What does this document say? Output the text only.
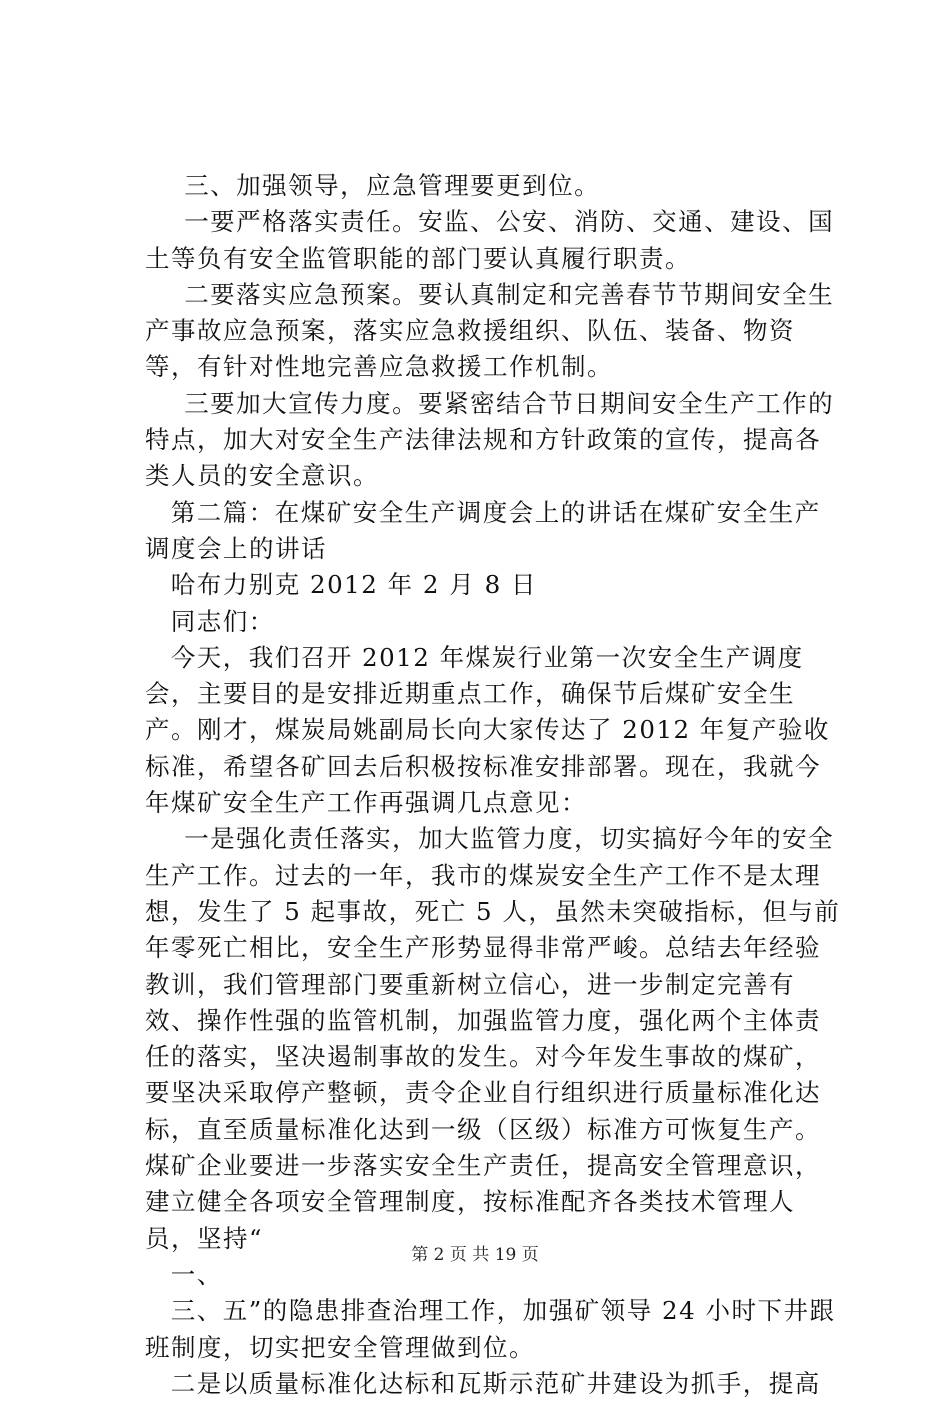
三、加强领导，应急管理要更到位。

一要严格落实责任。安监、公安、消防、交通、建设、国土等负有安全监管职能的部门要认真履行职责。

二要落实应急预案。要认真制定和完善春节节期间安全生产事故应急预案，落实应急救援组织、队伍、装备、物资等，有针对性地完善应急救援工作机制。

三要加大宣传力度。要紧密结合节日期间安全生产工作的特点，加大对安全生产法律法规和方针政策的宣传，提高各类人员的安全意识。

第二篇：在煤矿安全生产调度会上的讲话在煤矿安全生产调度会上的讲话

哈布力别克 2012 年 2 月 8 日

同志们：

今天，我们召开 2012 年煤炭行业第一次安全生产调度会，主要目的是安排近期重点工作，确保节后煤矿安全生产。刚才，煤炭局姚副局长向大家传达了 2012 年复产验收标准，希望各矿回去后积极按标准安排部署。现在，我就今年煤矿安全生产工作再强调几点意见：

一是强化责任落实，加大监管力度，切实搞好今年的安全生产工作。过去的一年，我市的煤炭安全生产工作不是太理想，发生了 5 起事故，死亡 5 人，虽然未突破指标，但与前年零死亡相比，安全生产形势显得非常严峻。总结去年经验教训，我们管理部门要重新树立信心，进一步制定完善有效、操作性强的监管机制，加强监管力度，强化两个主体责任的落实，坚决遏制事故的发生。对今年发生事故的煤矿，要坚决采取停产整顿，责令企业自行组织进行质量标准化达标，直至质量标准化达到一级（区级）标准方可恢复生产。煤矿企业要进一步落实安全生产责任，提高安全管理意识，建立健全各项安全管理制度，按标准配齐各类技术管理人员，坚持“

一、

三、五”的隐患排查治理工作，加强矿领导 24 小时下井跟班制度，切实把安全管理做到位。

二是以质量标准化达标和瓦斯示范矿井建设为抓手，提高

第 2 页 共 19 页
